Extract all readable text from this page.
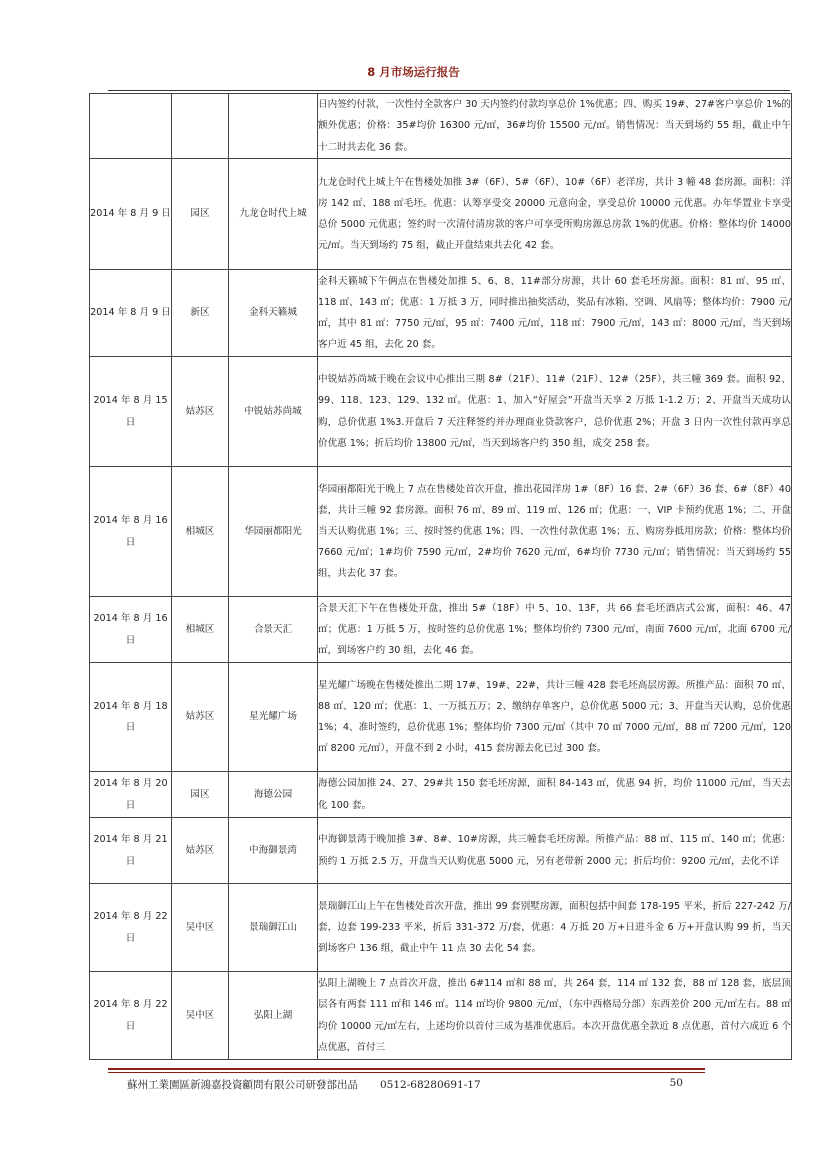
8 月市场运行报告
			日内签约付款，一次性付全款客户 30 天内签约付款均享总价 1%优惠；四、购买 19#、27#客户享总价 1%的额外优惠；价格：35#均价 16300 元/㎡，36#均价 15500 元/㎡。销售情况：当天到场约 55 组，截止中午十二时共去化 36 套。
2014 年 8 月 9 日	园区	九龙仓时代上城	九龙仓时代上城上午在售楼处加推 3#（6F）、5#（6F）、10#（6F）老洋房，共计 3 幢 48 套房源。面积：洋房 142 ㎡、188 ㎡毛坯。优惠：认筹享受交 20000 元意向金，享受总价 10000 元优惠。办年华置业卡享受总价 5000 元优惠；签约时一次清付清房款的客户可享受所购房源总房款 1%的优惠。价格：整体均价 14000 元/㎡。当天到场约 75 组，截止开盘结束共去化 42 套。
2014 年 8 月 9 日	新区	金科天籁城	金科天籁城下午俩点在售楼处加推 5、6、8、11#部分房源，共计 60 套毛坯房源。面积：81 ㎡、95 ㎡、118 ㎡、143 ㎡；优惠：1 万抵 3 万，同时推出抽奖活动，奖品有冰箱、空调、风扇等；整体均价：7900 元/㎡，其中 81 ㎡：7750 元/㎡，95 ㎡：7400 元/㎡，118 ㎡：7900 元/㎡，143 ㎡：8000 元/㎡，当天到场客户近 45 组，去化 20 套。
2014 年 8 月 15 日	姑苏区	中锐姑苏尚城	中锐姑苏尚城于晚在会议中心推出三期 8#（21F）、11#（21F）、12#（25F），共三幢 369 套。面积 92、99、118、123、129、132 ㎡。优惠：1、加入“好屋会”开盘当天享 2 万抵 1-1.2 万；2、开盘当天成功认购，总价优惠 1%3.开盘后 7 天注释签约并办理商业贷款客户，总价优惠 2%；开盘 3 日内一次性付款再享总价优惠 1%；折后均价 13800 元/㎡，当天到场客户约 350 组，成交 258 套。
2014 年 8 月 16 日	相城区	华园丽都阳光	华园丽都阳光于晚上 7 点在售楼处首次开盘，推出花园洋房 1#（8F）16 套、2#（6F）36 套、6#（8F）40 套，共计三幢 92 套房源。面积 76 ㎡、89 ㎡、119 ㎡、126 ㎡；优惠：一、VIP 卡预约优惠 1%；二、开盘当天认购优惠 1%；三、按时签约优惠 1%；四、一次性付款优惠 1%；五、购房券抵用房款；价格：整体均价 7660 元/㎡；1#均价 7590 元/㎡，2#均价 7620 元/㎡，6#均价 7730 元/㎡；销售情况：当天到场约 55 组，共去化 37 套。
2014 年 8 月 16 日	相城区	合景天汇	合景天汇下午在售楼处开盘，推出 5#（18F）中 5、10、13F，共 66 套毛坯酒店式公寓，面积：46、47 ㎡；优惠：1 万抵 5 万，按时签约总价优惠 1%；整体均价约 7300 元/㎡，南面 7600 元/㎡，北面 6700 元/㎡，到场客户约 30 组，去化 46 套。
2014 年 8 月 18 日	姑苏区	星光耀广场	星光耀广场晚在售楼处推出二期 17#、19#、22#，共计三幢 428 套毛坯高层房源。所推产品：面积 70 ㎡、88 ㎡、120 ㎡；优惠：1、一万抵五万；2、缴纳存单客户，总价优惠 5000 元；3、开盘当天认购，总价优惠 1%；4、准时签约，总价优惠 1%；整体均价 7300 元/㎡（其中 70 ㎡ 7000 元/㎡，88 ㎡ 7200 元/㎡，120 ㎡ 8200 元/㎡），开盘不到 2 小时，415 套房源去化已过 300 套。
2014 年 8 月 20 日	园区	海德公园	海德公园加推 24、27、29#共 150 套毛坯房源，面积 84-143 ㎡，优惠 94 折，均价 11000 元/㎡，当天去化 100 套。
2014 年 8 月 21 日	姑苏区	中海御景湾	中海御景湾于晚加推 3#、8#、10#房源，共三幢套毛坯房源。所推产品：88 ㎡、115 ㎡、140 ㎡；优惠：预约 1 万抵 2.5 万，开盘当天认购优惠 5000 元，另有老带新 2000 元；折后均价：9200 元/㎡，去化不详
2014 年 8 月 22 日	吴中区	景瑞御江山	景瑞御江山上午在售楼处首次开盘，推出 99 套别墅房源，面积包括中间套 178-195 平米，折后 227-242 万/套，边套 199-233 平米，折后 331-372 万/套，优惠：4 万抵 20 万+日进斗金 6 万+开盘认购 99 折，当天到场客户 136 组，截止中午 11 点 30 去化 54 套。
2014 年 8 月 22 日	吴中区	弘阳上湖	弘阳上湖晚上 7 点首次开盘，推出 6#114 ㎡和 88 ㎡，共 264 套，114 ㎡ 132 套，88 ㎡ 128 套，底层顶层各有两套 111 ㎡和 146 ㎡。114 ㎡均价 9800 元/㎡，（东中西格局分部）东西差价 200 元/㎡左右。88 ㎡均价 10000 元/㎡左右，上述均价以首付三成为基准优惠后。本次开盘优惠全款近 8 点优惠，首付六成近 6 个点优惠，首付三
蘇州工業園區新鴻嘉投資顧問有限公司研發部出品 0512-68280691-17	50
